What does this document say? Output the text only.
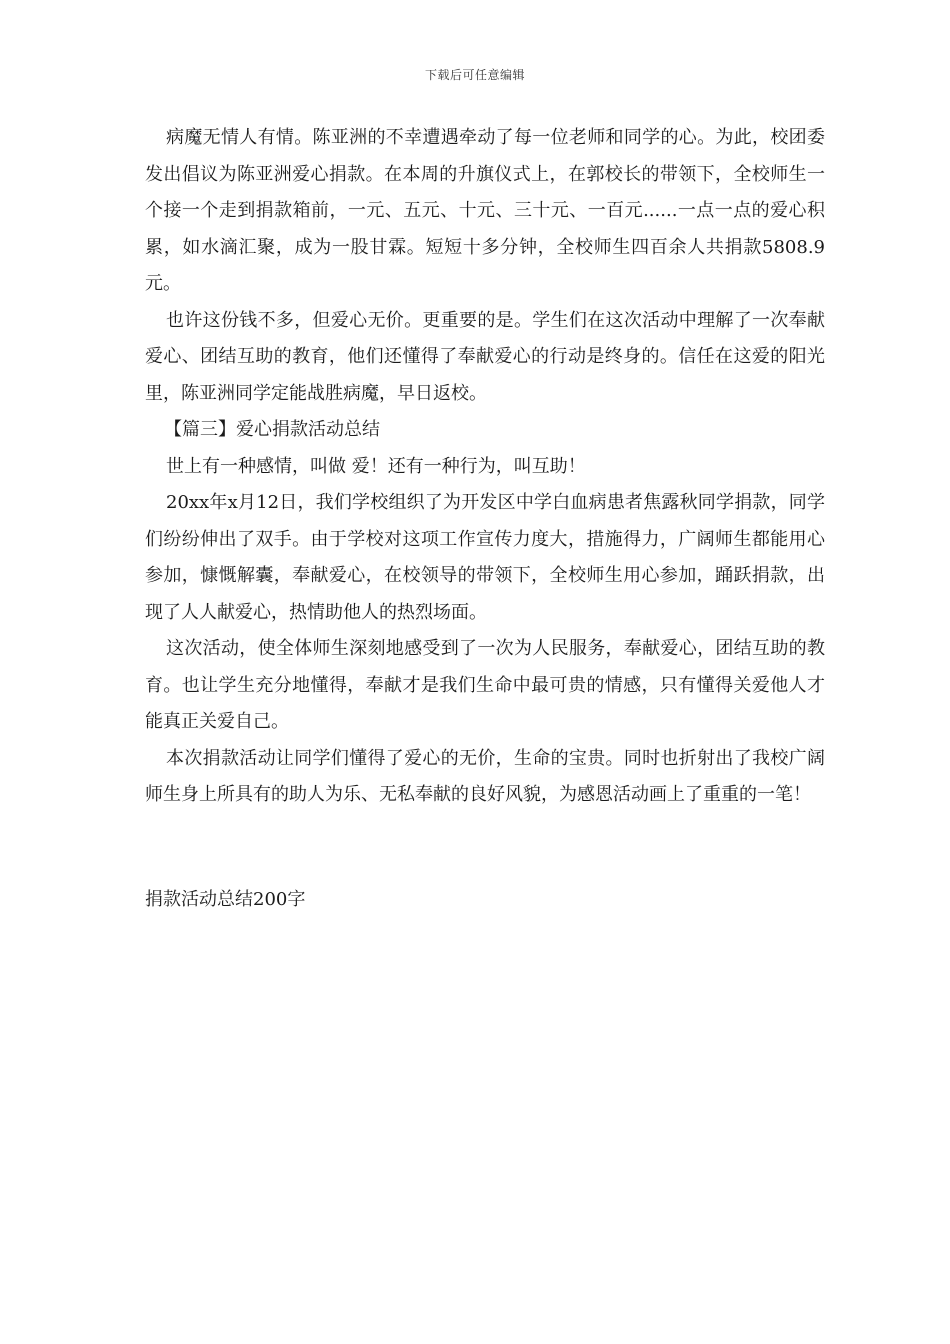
下载后可任意编辑

病魔无情人有情。陈亚洲的不幸遭遇牵动了每一位老师和同学的心。为此，校团委发出倡议为陈亚洲爱心捐款。在本周的升旗仪式上，在郭校长的带领下，全校师生一个接一个走到捐款箱前，一元、五元、十元、三十元、一百元......一点一点的爱心积累，如水滴汇聚，成为一股甘霖。短短十多分钟，全校师生四百余人共捐款5808.9元。

也许这份钱不多，但爱心无价。更重要的是。学生们在这次活动中理解了一次奉献爱心、团结互助的教育，他们还懂得了奉献爱心的行动是终身的。信任在这爱的阳光里，陈亚洲同学定能战胜病魔，早日返校。

【篇三】爱心捐款活动总结

世上有一种感情，叫做 爱！还有一种行为，叫互助！

20xx年x月12日，我们学校组织了为开发区中学白血病患者焦露秋同学捐款，同学们纷纷伸出了双手。由于学校对这项工作宣传力度大，措施得力，广阔师生都能用心参加，慷慨解囊，奉献爱心，在校领导的带领下，全校师生用心参加，踊跃捐款，出现了人人献爱心，热情助他人的热烈场面。

这次活动，使全体师生深刻地感受到了一次为人民服务，奉献爱心，团结互助的教育。也让学生充分地懂得，奉献才是我们生命中最可贵的情感，只有懂得关爱他人才能真正关爱自己。

本次捐款活动让同学们懂得了爱心的无价，生命的宝贵。同时也折射出了我校广阔师生身上所具有的助人为乐、无私奉献的良好风貌，为感恩活动画上了重重的一笔！

捐款活动总结200字
